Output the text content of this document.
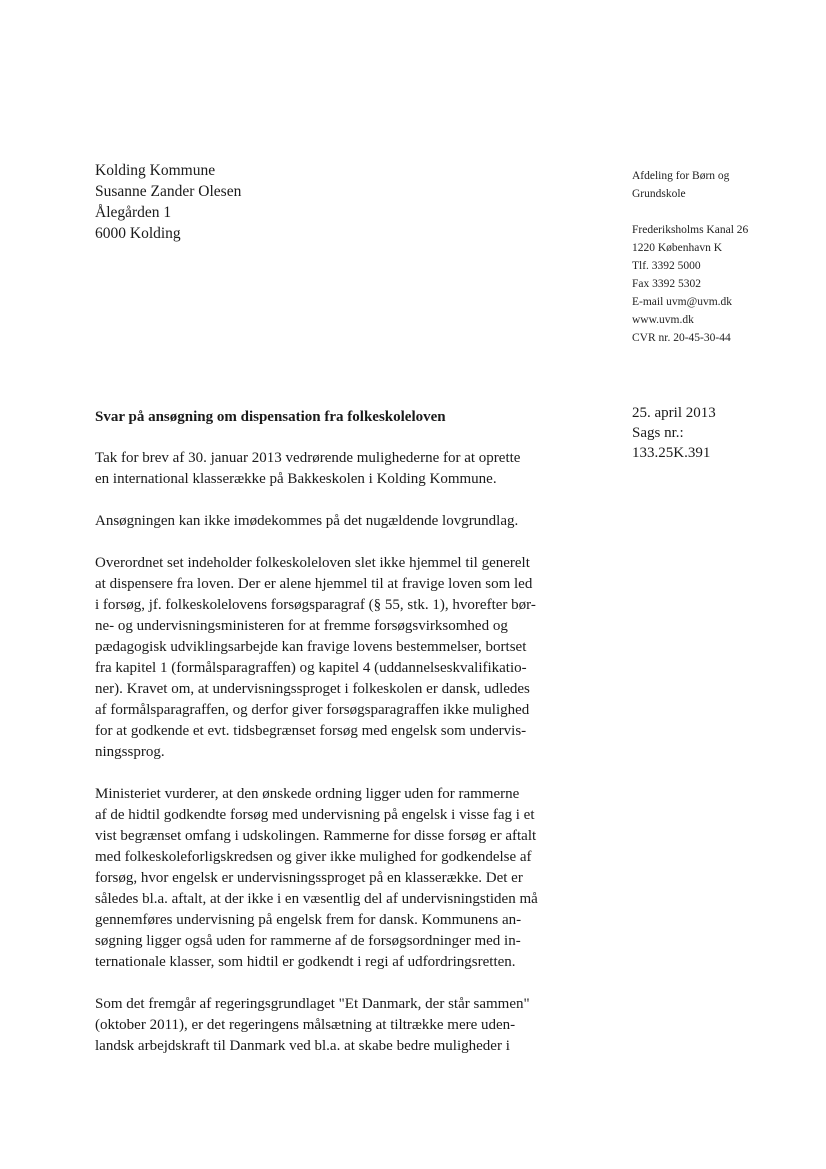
Kolding Kommune
Susanne Zander Olesen
Ålegården 1
6000 Kolding
Afdeling for Børn og
Grundskole
Frederiksholms Kanal 26
1220 København K
Tlf. 3392 5000
Fax 3392 5302
E-mail uvm@uvm.dk
www.uvm.dk
CVR nr. 20-45-30-44
25. april 2013
Sags nr.:
133.25K.391
Svar på ansøgning om dispensation fra folkeskoleloven

Tak for brev af 30. januar 2013 vedrørende mulighederne for at oprette
en international klasserække på Bakkeskolen i Kolding Kommune.

Ansøgningen kan ikke imødekommes på det nugældende lovgrundlag.

Overordnet set indeholder folkeskoleloven slet ikke hjemmel til generelt
at dispensere fra loven. Der er alene hjemmel til at fravige loven som led
i forsøg, jf. folkeskolelovens forsøgsparagraf (§ 55, stk. 1), hvorefter bør-
ne- og undervisningsministeren for at fremme forsøgsvirksomhed og
pædagogisk udviklingsarbejde kan fravige lovens bestemmelser, bortset
fra kapitel 1 (formålsparagraffen) og kapitel 4 (uddannelseskvalifikatio-
ner). Kravet om, at undervisningssproget i folkeskolen er dansk, udledes
af formålsparagraffen, og derfor giver forsøgsparagraffen ikke mulighed
for at godkende et evt. tidsbegrænset forsøg med engelsk som undervis-
ningssprog.

Ministeriet vurderer, at den ønskede ordning ligger uden for rammerne
af de hidtil godkendte forsøg med undervisning på engelsk i visse fag i et
vist begrænset omfang i udskolingen. Rammerne for disse forsøg er aftalt
med folkeskoleforligskredsen og giver ikke mulighed for godkendelse af
forsøg, hvor engelsk er undervisningssproget på en klasserække. Det er
således bl.a. aftalt, at der ikke i en væsentlig del af undervisningstiden må
gennemføres undervisning på engelsk frem for dansk. Kommunens an-
søgning ligger også uden for rammerne af de forsøgsordninger med in-
ternationale klasser, som hidtil er godkendt i regi af udfordringsretten.

Som det fremgår af regeringsgrundlaget "Et Danmark, der står sammen"
(oktober 2011), er det regeringens målsætning at tiltrække mere uden-
landsk arbejdskraft til Danmark ved bl.a. at skabe bedre muligheder i
